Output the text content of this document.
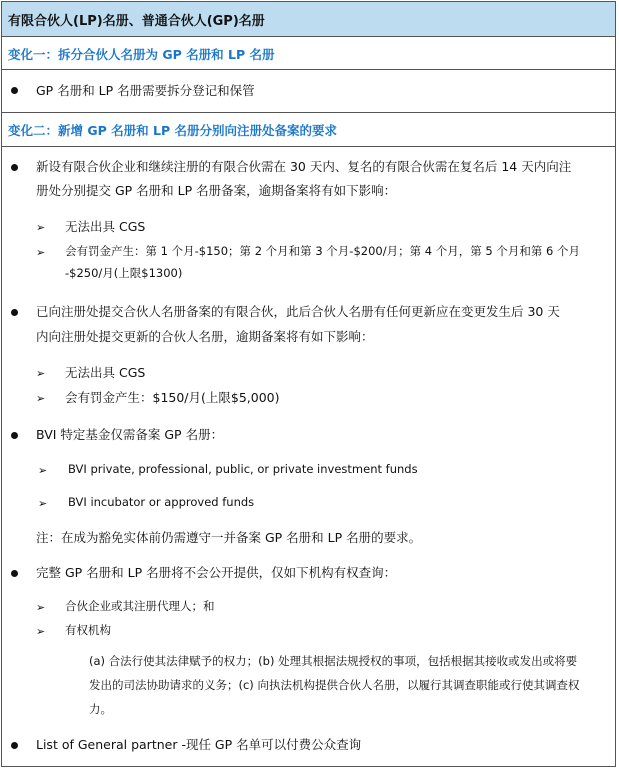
有限合伙人(LP)名册、普通合伙人(GP)名册
变化一：拆分合伙人名册为 GP 名册和 LP 名册
GP 名册和 LP 名册需要拆分登记和保管
变化二：新增 GP 名册和 LP 名册分别向注册处备案的要求
新设有限合伙企业和继续注册的有限合伙需在 30 天内、复名的有限合伙需在复名后 14 天内向注
册处分别提交 GP 名册和 LP 名册备案，逾期备案将有如下影响：
➢ 无法出具 CGS
➢ 会有罚金产生：第 1 个月-$150；第 2 个月和第 3 个月-$200/月；第 4 个月，第 5 个月和第 6 个月
-$250/月(上限$1300)
已向注册处提交合伙人名册备案的有限合伙，此后合伙人名册有任何更新应在变更发生后 30 天
内向注册处提交更新的合伙人名册，逾期备案将有如下影响：
➢ 无法出具 CGS
➢ 会有罚金产生：$150/月(上限$5,000)
BVI 特定基金仅需备案 GP 名册：
➢ BVI private, professional, public, or private investment funds
➢ BVI incubator or approved funds
注：在成为豁免实体前仍需遵守一并备案 GP 名册和 LP 名册的要求。
完整 GP 名册和 LP 名册将不会公开提供，仅如下机构有权查询：
➢ 合伙企业或其注册代理人；和
➢ 有权机构
(a) 合法行使其法律赋予的权力；(b) 处理其根据法规授权的事项，包括根据其接收或发出或将要
发出的司法协助请求的义务；(c) 向执法机构提供合伙人名册，以履行其调查职能或行使其调查权
力。
List of General partner -现任 GP 名单可以付费公众查询
